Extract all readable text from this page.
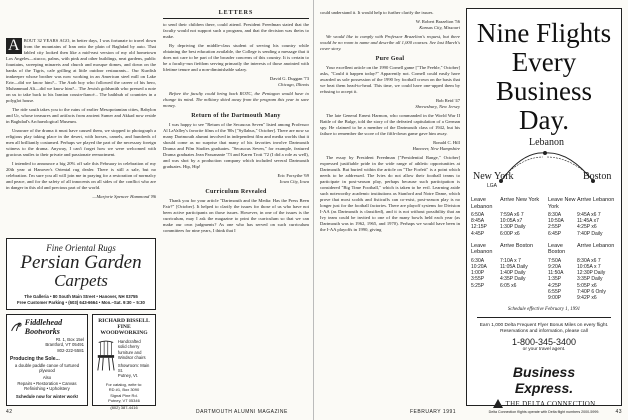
A BOUT 32 YEARS AGO, in better days, I was fortunate to travel down from the mountains of Iran onto the plain of Baghdad by auto. That fabled city looked then like a mid-east version of my old hometown Los Angeles—stucco, palms, with pink and other buildings, neat gardens, public fountains, sweeping minarets and church and mosque domes, and down on the banks of the Tigris, cafe grilling at little outdoor restaurants... Our Kurdish innkeeper whose brother was now working in an American steel mill on Lake Erie—did we know him?... The Arab boy who followed the career of his hero, Muhammad Ali—did we know him?... The Jewish goldsmith who pressed a note on us to take back to his Iranian cousin-fiancé... The bathhub of countries in a polyglot house.

The ride south takes you to the ruins of earlier Mesopotamian cities, Babylon and Ur, whose treasures and artifacts from ancient Sumer and Akkad now reside in Baghdad's Archaeological Museum.

Unaware of the drama it must have caused them, we stopped to photograph a religious play taking place in the desert, with horses, camels, and hundreds of men all brilliantly costumed. Perhaps we played the part of the necessary foreign witness to the drama. Anyway, I can't forget how we were welcomed with gracious smiles to their private and passionate reenactment.

I intended to announce a big 20% off sale this February in celebration of my 20th year at Hanover's Oriental rug dealer. There is still a sale, but no celebration. I'm sure you all will join me in praying for a restoration of normalcy and peace, and for the safety of all innocents on all sides of the conflict who are in danger in this old and precious part of the world.

—Marjorie Spencer Hammond '86

Fine Oriental Rugs
Persian Garden
Carpets
The Galleria • 80 South Main Street • Hanover, NH 03755
Free Customer Parking • (603) 643-6664 • Mon.–Sat. 9:30 – 5:30
Fiddlehead Bootworks
Rt. 1, Box 15el
Brantford, VT 05491
802-222-5581
Producing the Sole...
a double paddle canoe of turtured plywood
Also
Repairs • Restoration • Canvas
Refinishing • Upholstery
Schedule now for winter work!
RICHARD BISSELL
FINE WOODWORKING
Handcrafted
solid cherry
furniture and
Windsor chairs
Showroom: Main St.
Putney, Vt.
For catalog, write to:
RD #1, Box 3090
Signal Pine Rd.
Putney, VT 05346
(802) 387-4416
LETTERS

to send their children there, could attend. President Freedman stated that the faculty would not support such a program, and that the decision was theirs to make.

By depriving the middle-class student of serving his country while obtaining the best education available, the College is sending a message that it does not care to be part of the broader concerns of this country. It is certain to be a faculty-run fiefdom serving primarily the interests of those anointed with lifetime tenure and a non-diminishable salary.

David G. Duggan '73

Chicago, Illinois

Before the faculty could bring back ROTC, the Pentagon would have to change its mind. The military shied away from the program this year to save money.

Return of the Dartmouth Many

I was happy to see "Return of the Secaucus Seven" listed among Professor Al LaValley's favorite films of the '80s ["Syllabus," October]. There are now so many Dartmouth alumni involved in independent film and media worlds that it should come as no surprise that many of his favorites involve Dartmouth Drama and Film Studies graduates. "Secaucus Seven," for example, featured Drama graduates Jean Passanante '73 and Karen Trott '72 (I did a role as well), and was shot by a production company which included several Dartmouth graduates. Hip, Hip!

Eric Forsythe '69

Iowa City, Iowa

Curriculum Revealed

Thank you for your article "Dartmouth and the Media: Has the Press Been Fair?" [October]. It helped to clarify the issues for those of us who have not been active participants on those issues. However, in one of the issues is the curriculum, may I ask the magazine to print the curriculum so that we can make our own judgments? As one who has served on such curriculum committees for nine years, I think that I

42	DARTMOUTH ALUMNI MAGAZINE

could understand it. It would help to further clarify the issues.

W. Robert Brazelton '56

Kansas City, Missouri

We would like to comply with Professor Brazelton's request, but there would be no room to name and describe all 1,000 courses. See last March's cover story.

Pure Goal

Your excellent article on the 1990 Cornell game ["The Feeble," October] asks, "Could it happen today?" Apparently not. Cornell could easily have awarded us sole possession of the 1990 Ivy football crown on the basis that we beat them head-to-head. This time, we could have one-upped them by refusing to accept it.

Bob Reid '47

Shrewsbury, New Jersey

The late General Ernest Harmon, who commanded in the World War II Battle of the Bulge, told the story of the defeated capitulation of a German spy. He claimed to be a member of the Dartmouth class of 1942, but his failure to remember the score of the fifth-down game gave him away.

Ronald C. Hill

Hanover, New Hampshire

The essay by President Freedman ["Presidential Range," October] expressed justifiable pride in the wide range of athletic opportunities at Dartmouth. But buried within the article on "The Forfeit" is a point which needs to be addressed. The Ivies do not allow their football teams to participate in post-season play, perhaps because such participation is considered "Big Time Football," which is taken to be evil. Learning aside such noteworthy academic institutions as Stanford and Notre Dame, which prove that most scolds and fisticuffs can co-exist, post-season play is no longer just for the football factories. There are playoff systems for Division I-AA (as Dartmouth is classified), and it is not without possibility that an Ivy team could be invited to one of the many bowls held each year (as Dartmouth was in 1962, 1965, and 1970). Perhaps we would have been in the I-AA playoffs in 1990, giving

Nine Flights
Every
Business Day.
Lebanon
New York
LGA
Boston
Leave Lebanon
Arrive New York
6:50A
8:45A
12:15P
4:45P
7:59A x6 7
10:05A x7
1:30P Daily
6:00P x6
Leave New York
Arrive Lebanon
8:30A
10:50A
2:55P
6:45P
9:45A x6 7
11:45A x7
4:25P x6
7:40P Daily
Leave Lebanon
Arrive Boston
6:30A
10:20A
1:00P
3:55P
5:25P
7:10A x 7
11:05A Daily
1:40P Daily
4:35P Daily
6:05 x6
Leave Boston
Arrive Lebanon
7:50A
9:20A
11:50A
1:35P
4:25P
6:55P
9:00P
8:30A x6 7
10:05A x 7
12:30P Daily
3:35P Daily
5:05P x6
7:40P 6 Only
9:42P x6
Schedule effective February 1, 1991
Earn 1,000 Delta Frequent Flyer Bonus Miles on every flight.
Reservations and information, please call
1-800-345-3400
or your travel agent.
Business
Express.
THE DELTA CONNECTION
Delta Connection flights operate with Delta flight numbers 2000-5999.
FEBRUARY 1991	43
